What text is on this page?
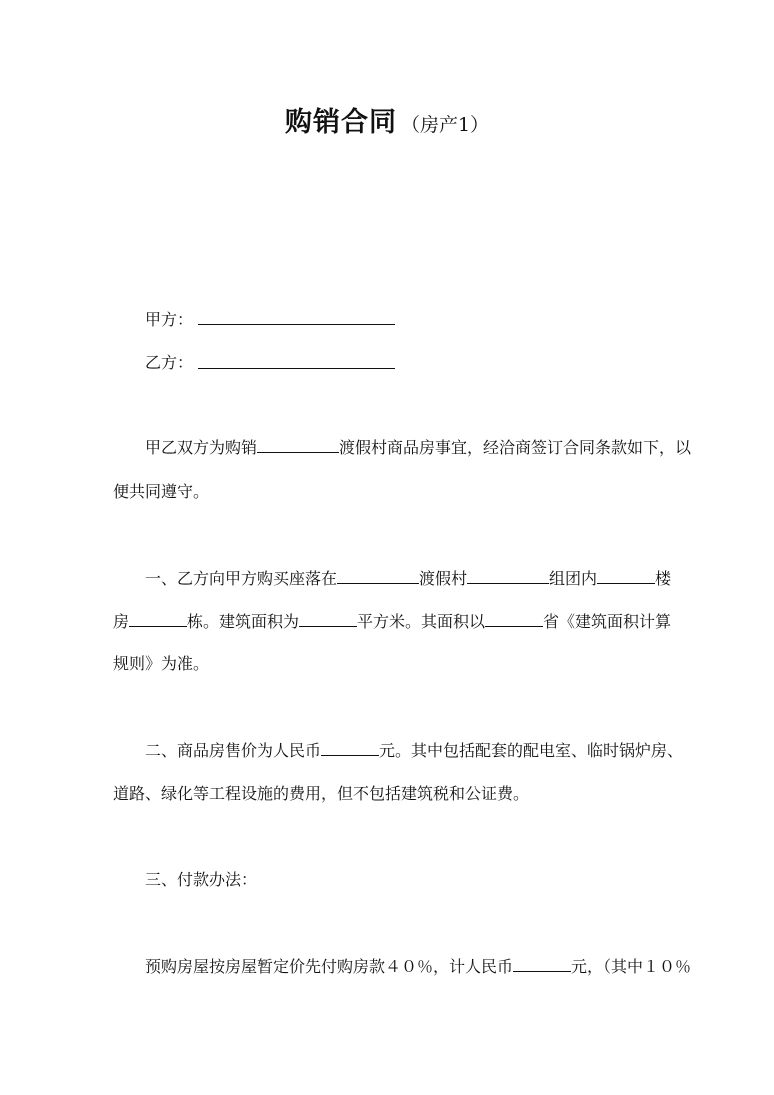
购销合同 （房产1）
甲方：
乙方：
甲乙双方为购销	渡假村商品房事宜，经洽商签订合同条款如下，以
便共同遵守。
一、乙方向甲方购买座落在	渡假村	组团内	楼
房	栋。建筑面积为	平方米。其面积以	省《建筑面积计算
规则》为准。
二、商品房售价为人民币	元。其中包括配套的配电室、临时锅炉房、
道路、绿化等工程设施的费用，但不包括建筑税和公证费。
三、付款办法：
预购房屋按房屋暂定价先付购房款４０％，计人民币	元，（其中１０％
